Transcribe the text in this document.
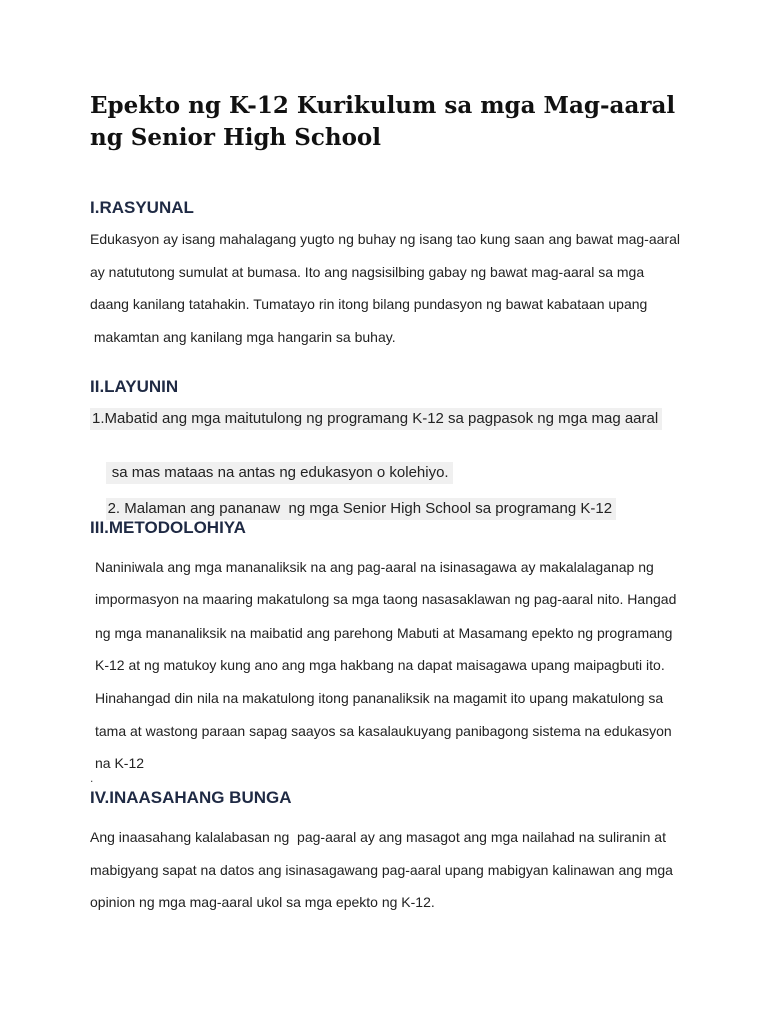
Epekto ng K-12 Kurikulum sa mga Mag-aaral
ng Senior High School
I.RASYUNAL

Edukasyon ay isang mahalagang yugto ng buhay ng isang tao kung saan ang bawat mag-aaral

ay natututong sumulat at bumasa. Ito ang nagsisilbing gabay ng bawat mag-aaral sa mga

daang kanilang tatahakin. Tumatayo rin itong bilang pundasyon ng bawat kabataan upang

makamtan ang kanilang mga hangarin sa buhay.

II.LAYUNIN

1.Mabatid ang mga maitutulong ng programang K-12 sa pagpasok ng mga mag aaral

sa mas mataas na antas ng edukasyon o kolehiyo.

2. Malaman ang pananaw  ng mga Senior High School sa programang K-12

III.METODOLOHIYA

Naniniwala ang mga mananaliksik na ang pag-aaral na isinasagawa ay makalalaganap ng

impormasyon na maaring makatulong sa mga taong nasasaklawan ng pag-aaral nito. Hangad

ng mga mananaliksik na maibatid ang parehong Mabuti at Masamang epekto ng programang

K-12 at ng matukoy kung ano ang mga hakbang na dapat maisagawa upang maipagbuti ito.

Hinahangad din nila na makatulong itong pananaliksik na magamit ito upang makatulong sa

tama at wastong paraan sapag saayos sa kasalaukuyang panibagong sistema na edukasyon

na K-12

.
IV.INAASAHANG BUNGA

Ang inaasahang kalalabasan ng  pag-aaral ay ang masagot ang mga nailahad na suliranin at

mabigyang sapat na datos ang isinasagawang pag-aaral upang mabigyan kalinawan ang mga

opinion ng mga mag-aaral ukol sa mga epekto ng K-12.
